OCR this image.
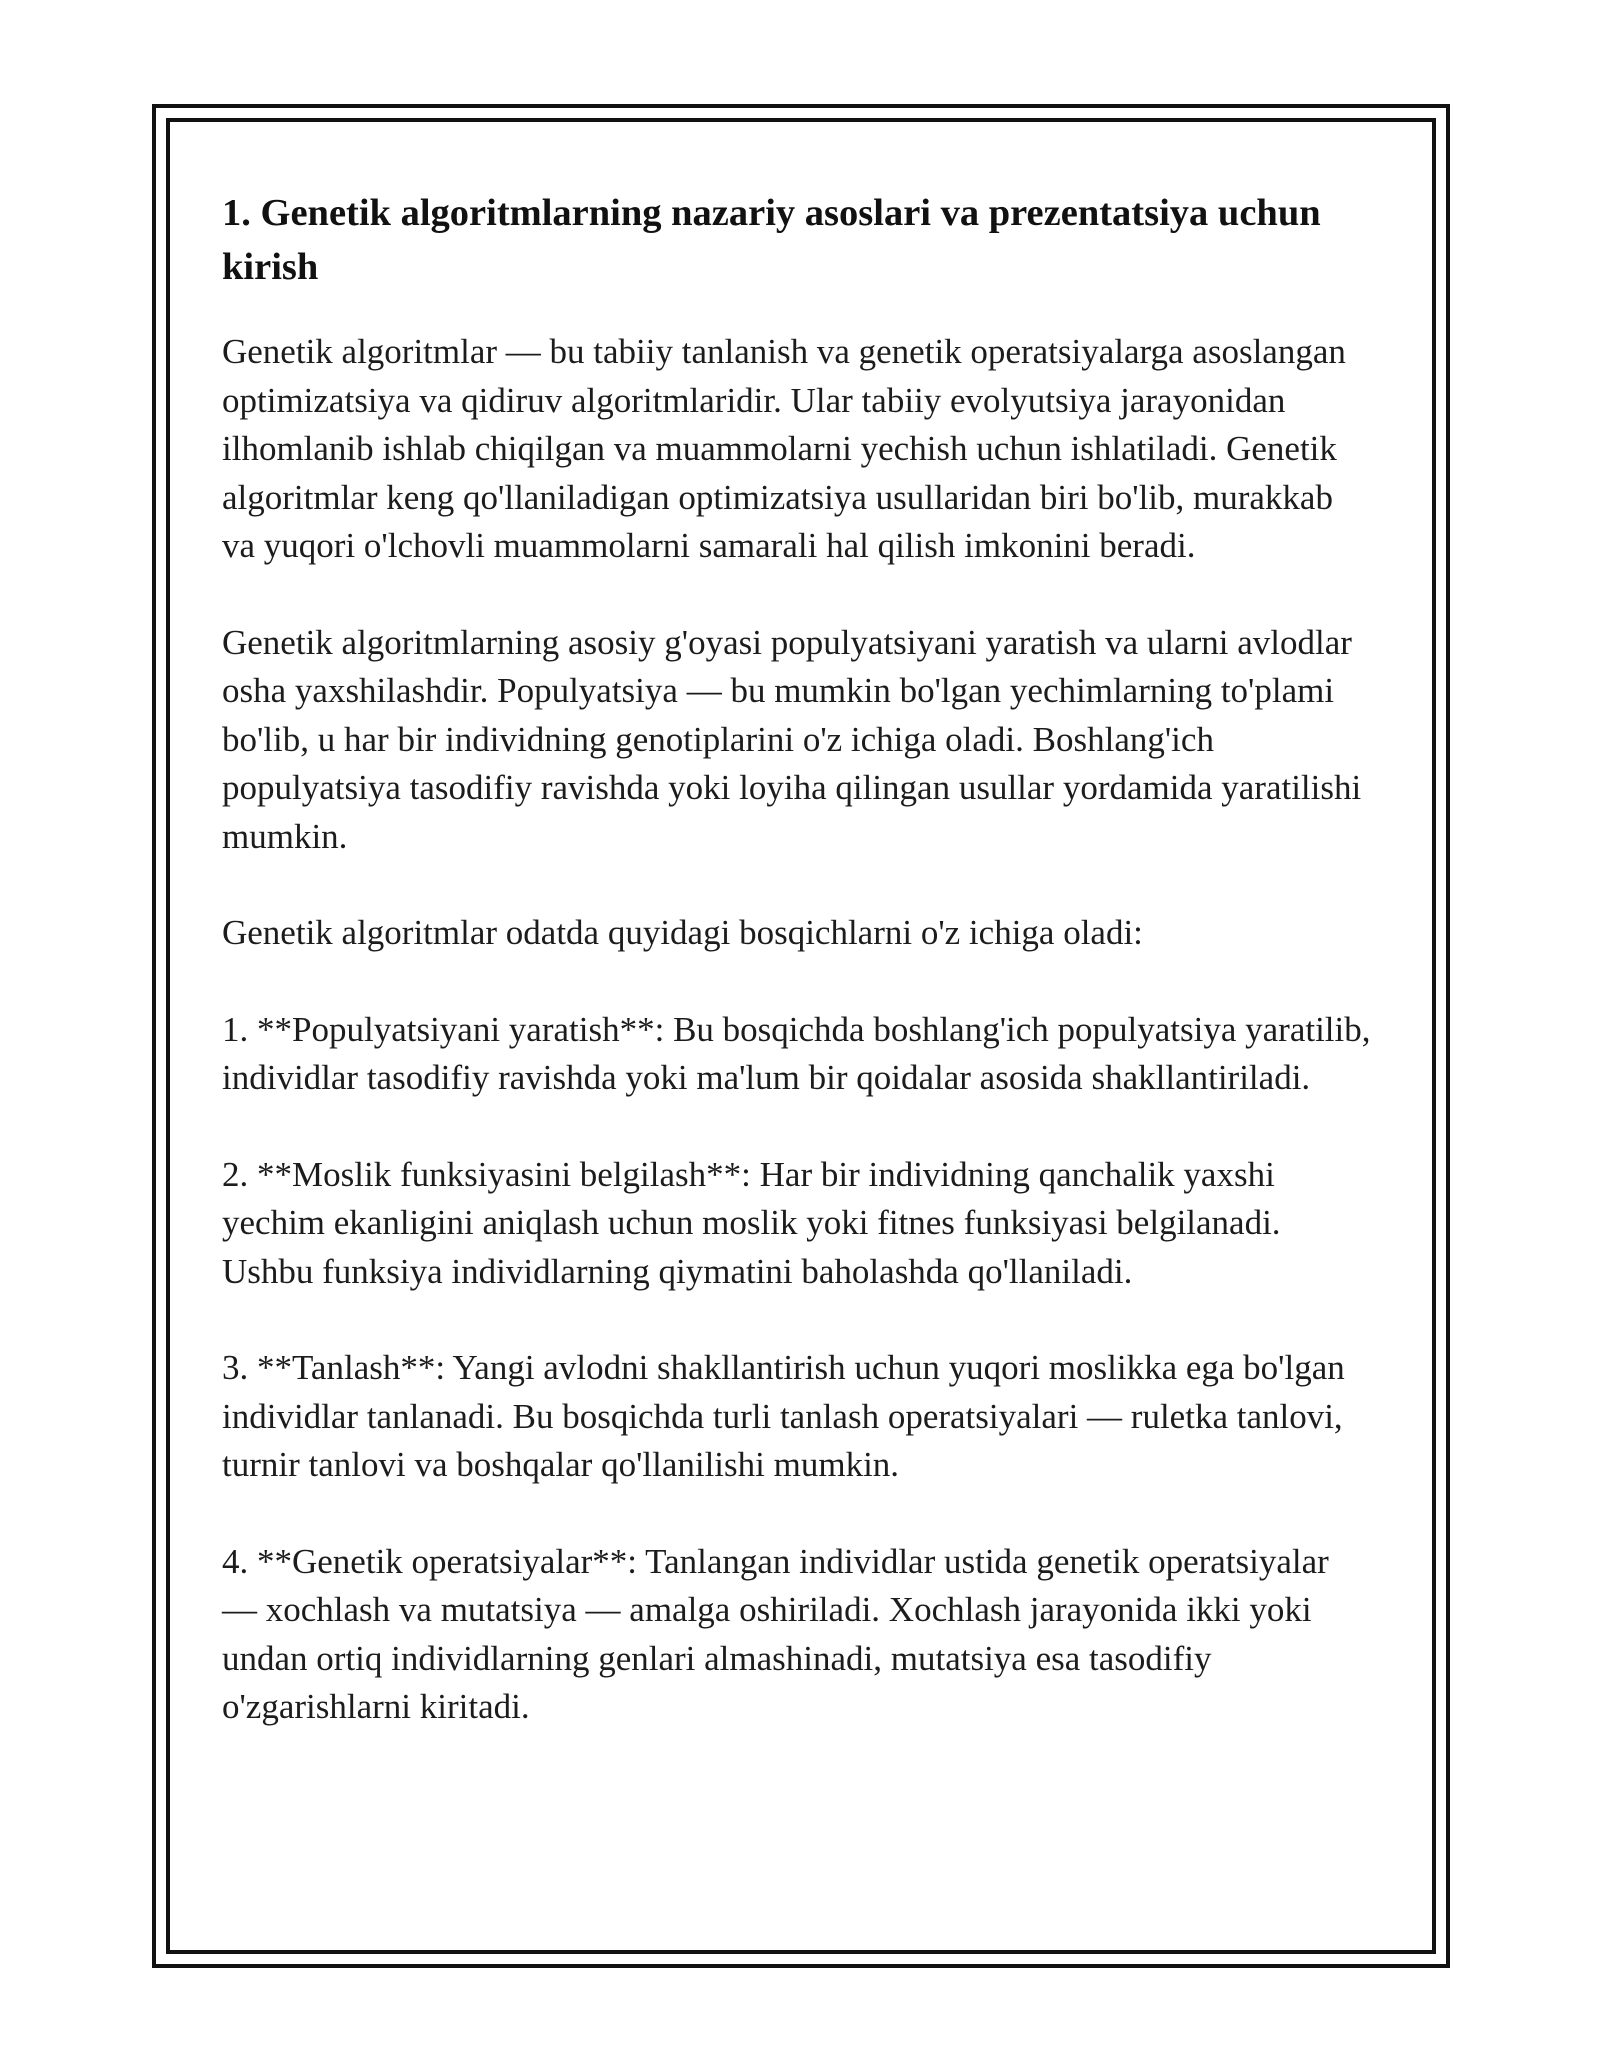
1. Genetik algoritmlarning nazariy asoslari va prezentatsiya uchun kirish

Genetik algoritmlar — bu tabiiy tanlanish va genetik operatsiyalarga asoslangan optimizatsiya va qidiruv algoritmlaridir. Ular tabiiy evolyutsiya jarayonidan ilhomlanib ishlab chiqilgan va muammolarni yechish uchun ishlatiladi. Genetik algoritmlar keng qo'llaniladigan optimizatsiya usullaridan biri bo'lib, murakkab va yuqori o'lchovli muammolarni samarali hal qilish imkonini beradi.

Genetik algoritmlarning asosiy g'oyasi populyatsiyani yaratish va ularni avlodlar osha yaxshilashdir. Populyatsiya — bu mumkin bo'lgan yechimlarning to'plami bo'lib, u har bir individning genotiplarini o'z ichiga oladi. Boshlang'ich populyatsiya tasodifiy ravishda yoki loyiha qilingan usullar yordamida yaratilishi mumkin.

Genetik algoritmlar odatda quyidagi bosqichlarni o'z ichiga oladi:

1. **Populyatsiyani yaratish**: Bu bosqichda boshlang'ich populyatsiya yaratilib, individlar tasodifiy ravishda yoki ma'lum bir qoidalar asosida shakllantiriladi.

2. **Moslik funksiyasini belgilash**: Har bir individning qanchalik yaxshi yechim ekanligini aniqlash uchun moslik yoki fitnes funksiyasi belgilanadi. Ushbu funksiya individlarning qiymatini baholashda qo'llaniladi.

3. **Tanlash**: Yangi avlodni shakllantirish uchun yuqori moslikka ega bo'lgan individlar tanlanadi. Bu bosqichda turli tanlash operatsiyalari — ruletka tanlovi, turnir tanlovi va boshqalar qo'llanilishi mumkin.

4. **Genetik operatsiyalar**: Tanlangan individlar ustida genetik operatsiyalar — xochlash va mutatsiya — amalga oshiriladi. Xochlash jarayonida ikki yoki undan ortiq individlarning genlari almashinadi, mutatsiya esa tasodifiy o'zgarishlarni kiritadi.
